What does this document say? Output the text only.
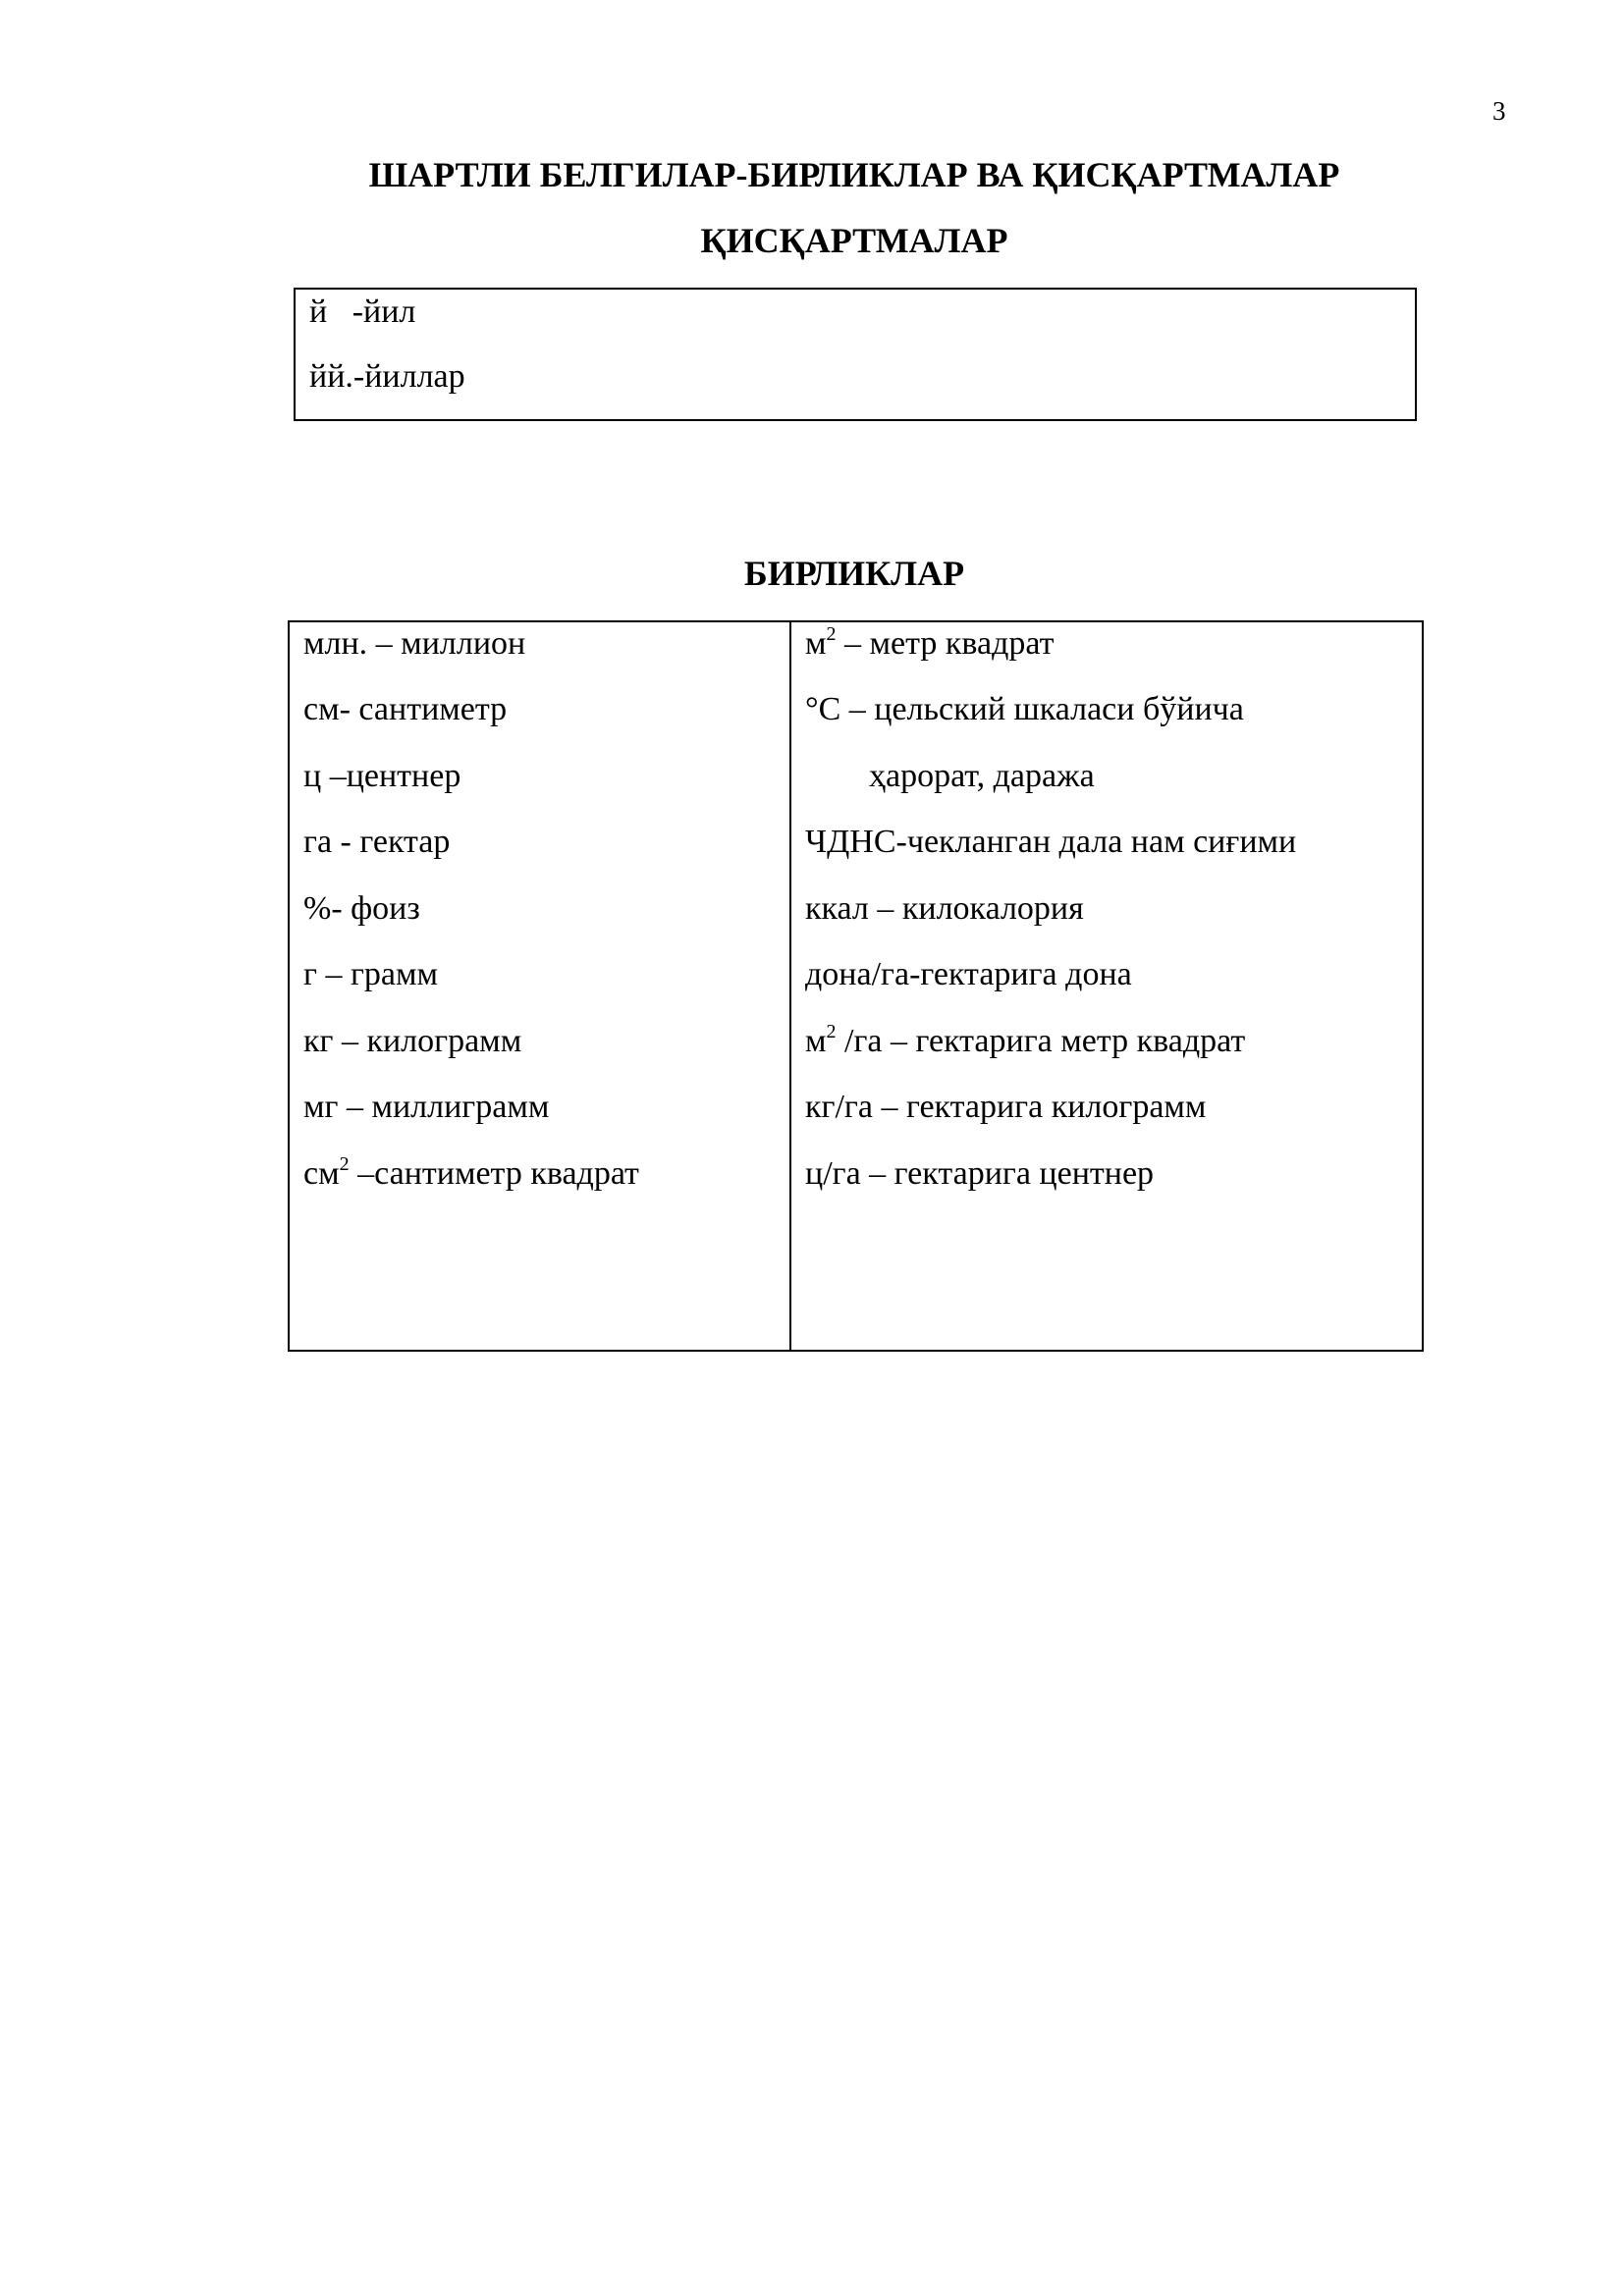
3
ШАРТЛИ БЕЛГИЛАР-БИРЛИКЛАР ВА ҚИСҚАРТМАЛАР
ҚИСҚАРТМАЛАР
й   -йил
йй.-йиллар
БИРЛИКЛАР
млн. – миллион
см- сантиметр
ц –центнер
га - гектар
%- фоиз
г – грамм
кг – килограмм
мг – миллиграмм
$см^2$ –сантиметр квадрат
$м^2$ – метр квадрат
°С – цельский шкаласи бўйича
ҳарорат, даража
ЧДНС-чекланган дала нам сиғими
ккал – килокалория
дона/га-гектарига дона
$м^2$ /га – гектарига метр квадрат
кг/га – гектарига килограмм
ц/га – гектарига центнер
